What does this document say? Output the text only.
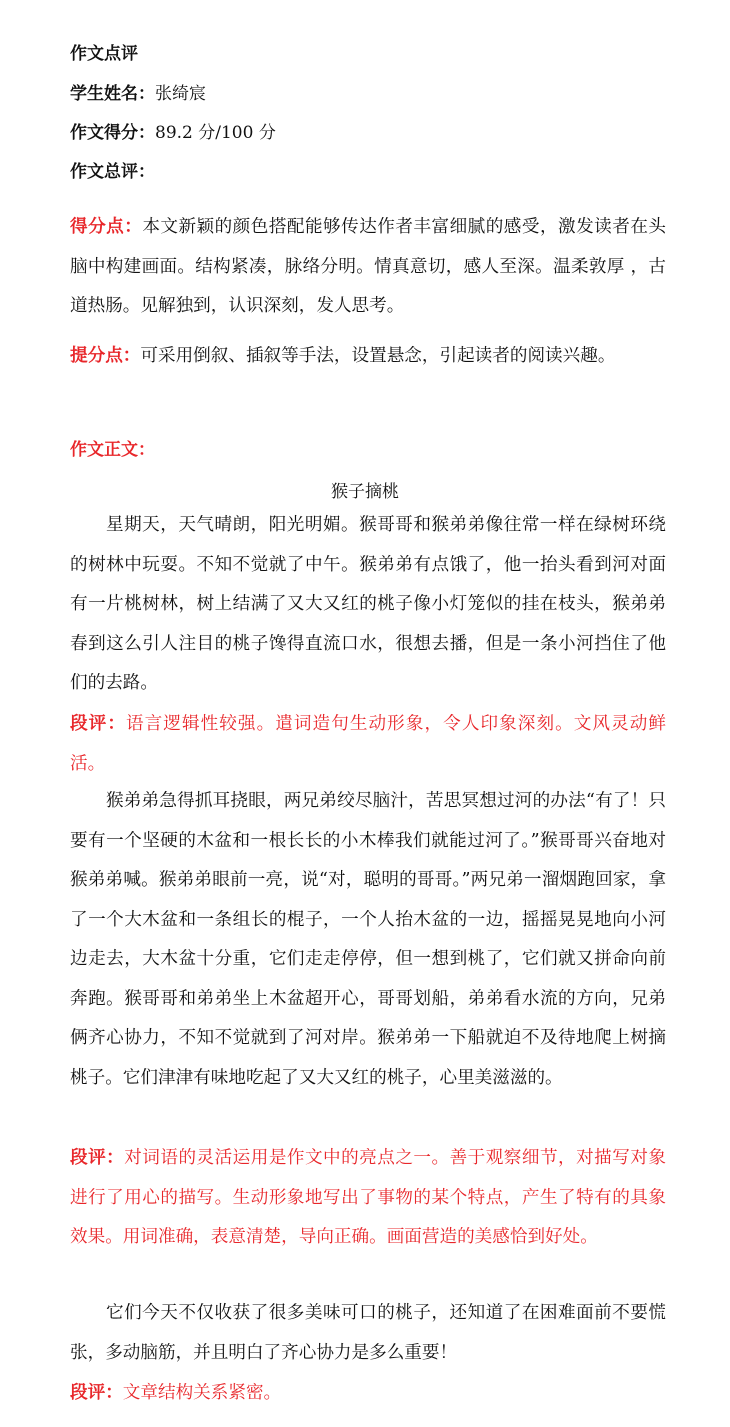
作文点评
学生姓名：张绮宸
作文得分：89.2 分/100 分
作文总评：
得分点：本文新颖的颜色搭配能够传达作者丰富细腻的感受，激发读者在头脑中构建画面。结构紧凑，脉络分明。情真意切，感人至深。温柔敦厚 ，古道热肠。见解独到，认识深刻，发人思考。
提分点：可采用倒叙、插叙等手法，设置悬念，引起读者的阅读兴趣。
作文正文：
猴子摘桃
星期天，天气晴朗，阳光明媚。猴哥哥和猴弟弟像往常一样在绿树环绕的树林中玩耍。不知不觉就了中午。猴弟弟有点饿了，他一抬头看到河对面有一片桃树林，树上结满了又大又红的桃子像小灯笼似的挂在枝头，猴弟弟春到这么引人注目的桃子馋得直流口水，很想去播，但是一条小河挡住了他们的去路。
段评：语言逻辑性较强。遣词造句生动形象，令人印象深刻。文风灵动鲜活。
猴弟弟急得抓耳挠眼，两兄弟绞尽脑汁，苦思冥想过河的办法“有了！只要有一个坚硬的木盆和一根长长的小木棒我们就能过河了。”猴哥哥兴奋地对猴弟弟喊。猴弟弟眼前一亮，说“对，聪明的哥哥。”两兄弟一溜烟跑回家，拿了一个大木盆和一条组长的棍子，一个人抬木盆的一边，摇摇晃晃地向小河边走去，大木盆十分重，它们走走停停，但一想到桃了，它们就又拼命向前奔跑。猴哥哥和弟弟坐上木盆超开心，哥哥划船，弟弟看水流的方向，兄弟俩齐心协力，不知不觉就到了河对岸。猴弟弟一下船就迫不及待地爬上树摘桃子。它们津津有味地吃起了又大又红的桃子，心里美滋滋的。
段评：对词语的灵活运用是作文中的亮点之一。善于观察细节，对描写对象进行了用心的描写。生动形象地写出了事物的某个特点，产生了特有的具象效果。用词准确，表意清楚，导向正确。画面营造的美感恰到好处。
它们今天不仅收获了很多美味可口的桃子，还知道了在困难面前不要慌张，多动脑筋，并且明白了齐心协力是多么重要！
段评：文章结构关系紧密。
